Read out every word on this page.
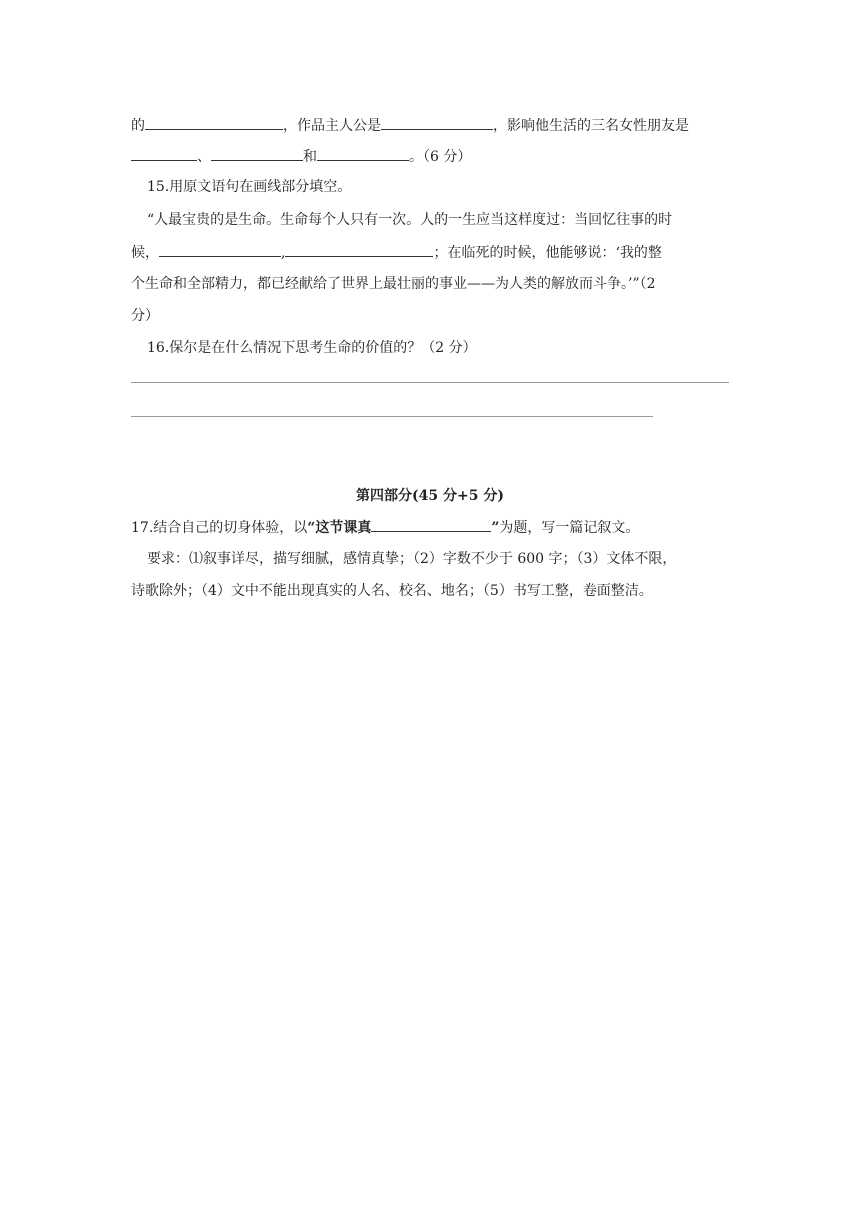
的	，作品主人公是	，影响他生活的三名女性朋友是
、	和	。（6 分）
15.用原文语句在画线部分填空。
“人最宝贵的是生命。生命每个人只有一次。人的一生应当这样度过：当回忆往事的时
候，	,	；在临死的时候，他能够说：‘我的整
个生命和全部精力，都已经献给了世界上最壮丽的事业——为人类的解放而斗争。’”（2
分）
16.保尔是在什么情况下思考生命的价值的？（2 分）
第四部分(45 分+5 分)
17.结合自己的切身体验，以“这节课真	”为题，写一篇记叙文。
要求：⑴叙事详尽，描写细腻，感情真挚；（2）字数不少于 600 字；（3）文体不限，
诗歌除外；（4）文中不能出现真实的人名、校名、地名；（5）书写工整，卷面整洁。
